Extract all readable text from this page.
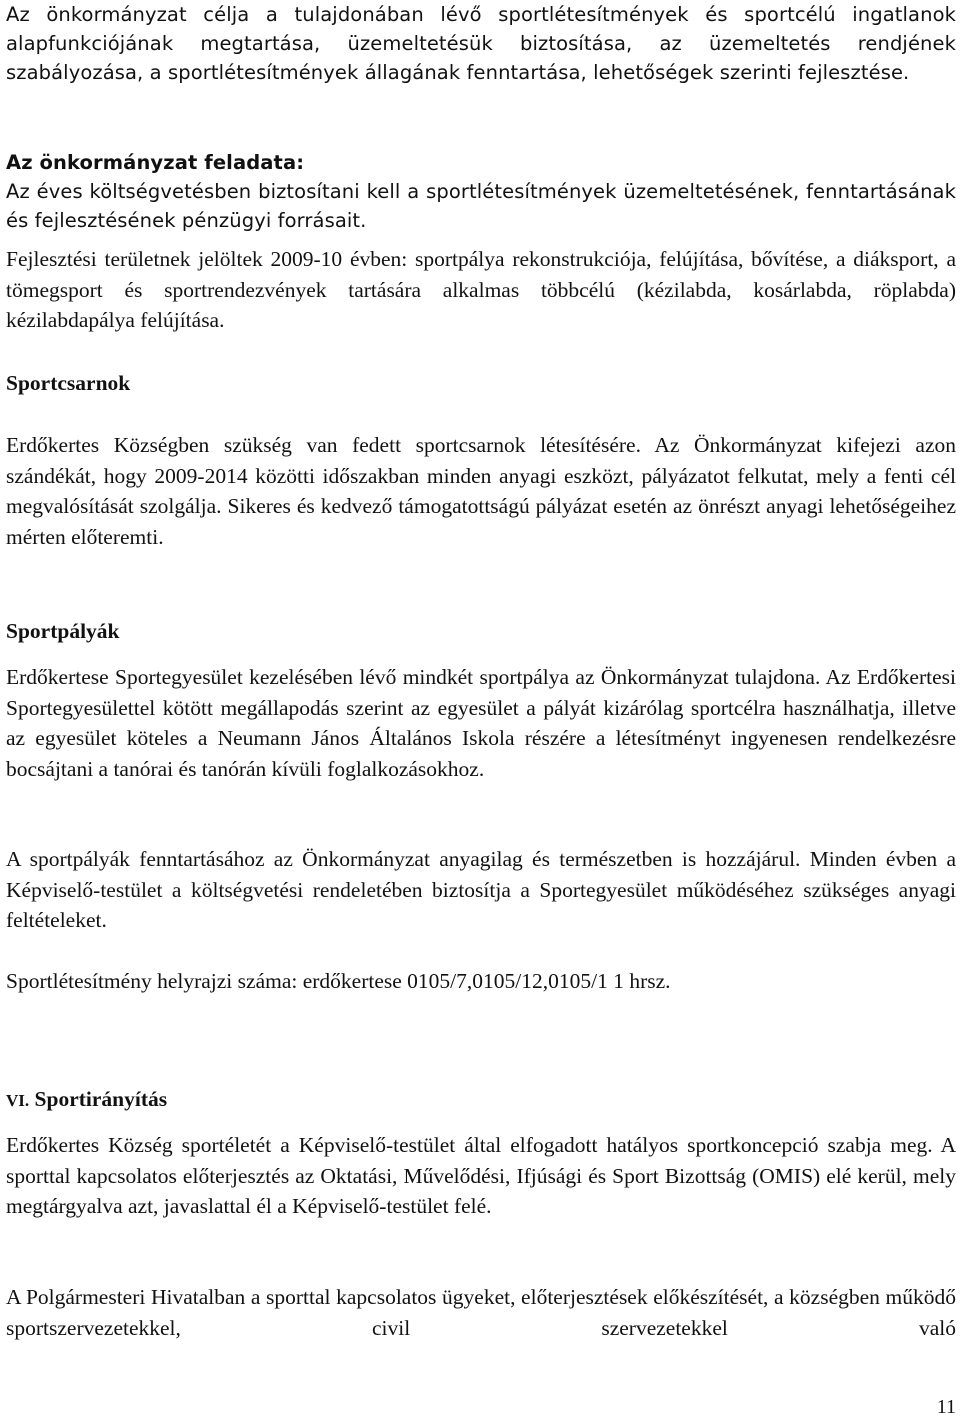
Az önkormányzat célja a tulajdonában lévő sportlétesítmények és sportcélú ingatlanok alapfunkciójának megtartása, üzemeltetésük biztosítása, az üzemeltetés rendjének szabályozása, a sportlétesítmények állagának fenntartása, lehetőségek szerinti fejlesztése.

Az önkormányzat feladata:

Az éves költségvetésben biztosítani kell a sportlétesítmények üzemeltetésének, fenntartásának és fejlesztésének pénzügyi forrásait.

Fejlesztési területnek jelöltek 2009-10 évben: sportpálya rekonstrukciója, felújítása, bővítése, a diáksport, a tömegsport és sportrendezvények tartására alkalmas többcélú (kézilabda, kosárlabda, röplabda) kézilabdapálya felújítása.

Sportcsarnok

Erdőkertes Községben szükség van fedett sportcsarnok létesítésére. Az Önkormányzat kifejezi azon szándékát, hogy 2009-2014 közötti időszakban minden anyagi eszközt, pályázatot felkutat, mely a fenti cél megvalósítását szolgálja. Sikeres és kedvező támogatottságú pályázat esetén az önrészt anyagi lehetőségeihez mérten előteremti.

Sportpályák

Erdőkertese Sportegyesület kezelésében lévő mindkét sportpálya az Önkormányzat tulajdona. Az Erdőkertesi Sportegyesülettel kötött megállapodás szerint az egyesület a pályát kizárólag sportcélra használhatja, illetve az egyesület köteles a Neumann János Általános Iskola részére a létesítményt ingyenesen rendelkezésre bocsájtani a tanórai és tanórán kívüli foglalkozásokhoz.

A sportpályák fenntartásához az Önkormányzat anyagilag és természetben is hozzájárul. Minden évben a Képviselő-testület a költségvetési rendeletében biztosítja a Sportegyesület működéséhez szükséges anyagi feltételeket.

Sportlétesítmény helyrajzi száma: erdőkertese 0105/7,0105/12,0105/1 1 hrsz.

VI. Sportirányítás

Erdőkertes Község sportéletét a Képviselő-testület által elfogadott hatályos sportkoncepció szabja meg. A sporttal kapcsolatos előterjesztés az Oktatási, Művelődési, Ifjúsági és Sport Bizottság (OMIS) elé kerül, mely megtárgyalva azt, javaslattal él a Képviselő-testület felé.

A Polgármesteri Hivatalban a sporttal kapcsolatos ügyeket, előterjesztések előkészítését, a községben működő sportszervezetekkel, civil szervezetekkel való

11
